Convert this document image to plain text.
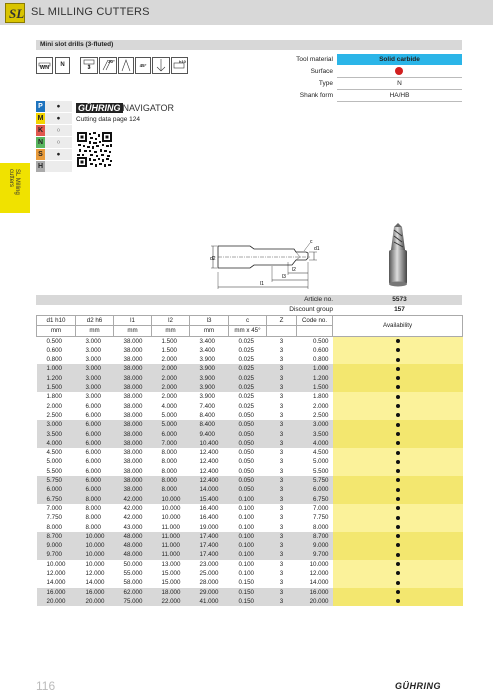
SL SL MILLING CUTTERS
Mini slot drills (3-fluted)
WN	N	3
30°
45°
h10	Tool material	Solid carbide
Surface
Type	N
Shank form	HA/HB
P	●
M	●
K	○
N	○
S	●
H
GÜHRING NAVIGATOR
Cutting data page 124
SL Milling cutters
d2
d1
l1
l3
l2
c
Article no.	5573
Discount group	157
d1 h10	d2 h6	l1	l2	l3	c	Z	Code no.	Availability
mm	mm	mm	mm	mm	mm x 45°			
0.500	3.000	38.000	1.500	3.400	0.025	3	0.500	
0.600	3.000	38.000	1.500	3.400	0.025	3	0.600	
0.800	3.000	38.000	2.000	3.900	0.025	3	0.800	
1.000	3.000	38.000	2.000	3.900	0.025	3	1.000	
1.200	3.000	38.000	2.000	3.900	0.025	3	1.200	
1.500	3.000	38.000	2.000	3.900	0.025	3	1.500	
1.800	3.000	38.000	2.000	3.900	0.025	3	1.800	
2.000	6.000	38.000	4.000	7.400	0.025	3	2.000	
2.500	6.000	38.000	5.000	8.400	0.050	3	2.500	
3.000	6.000	38.000	5.000	8.400	0.050	3	3.000	
3.500	6.000	38.000	6.000	9.400	0.050	3	3.500	
4.000	6.000	38.000	7.000	10.400	0.050	3	4.000	
4.500	6.000	38.000	8.000	12.400	0.050	3	4.500	
5.000	6.000	38.000	8.000	12.400	0.050	3	5.000	
5.500	6.000	38.000	8.000	12.400	0.050	3	5.500	
5.750	6.000	38.000	8.000	12.400	0.050	3	5.750	
6.000	6.000	38.000	8.000	14.000	0.050	3	6.000	
6.750	8.000	42.000	10.000	15.400	0.100	3	6.750	
7.000	8.000	42.000	10.000	16.400	0.100	3	7.000	
7.750	8.000	42.000	10.000	16.400	0.100	3	7.750	
8.000	8.000	43.000	11.000	19.000	0.100	3	8.000	
8.700	10.000	48.000	11.000	17.400	0.100	3	8.700	
9.000	10.000	48.000	11.000	17.400	0.100	3	9.000	
9.700	10.000	48.000	11.000	17.400	0.100	3	9.700	
10.000	10.000	50.000	13.000	23.000	0.100	3	10.000	
12.000	12.000	55.000	15.000	25.000	0.100	3	12.000	
14.000	14.000	58.000	15.000	28.000	0.150	3	14.000	
16.000	16.000	62.000	18.000	29.000	0.150	3	16.000	
20.000	20.000	75.000	22.000	41.000	0.150	3	20.000	
116	GÜHRING
